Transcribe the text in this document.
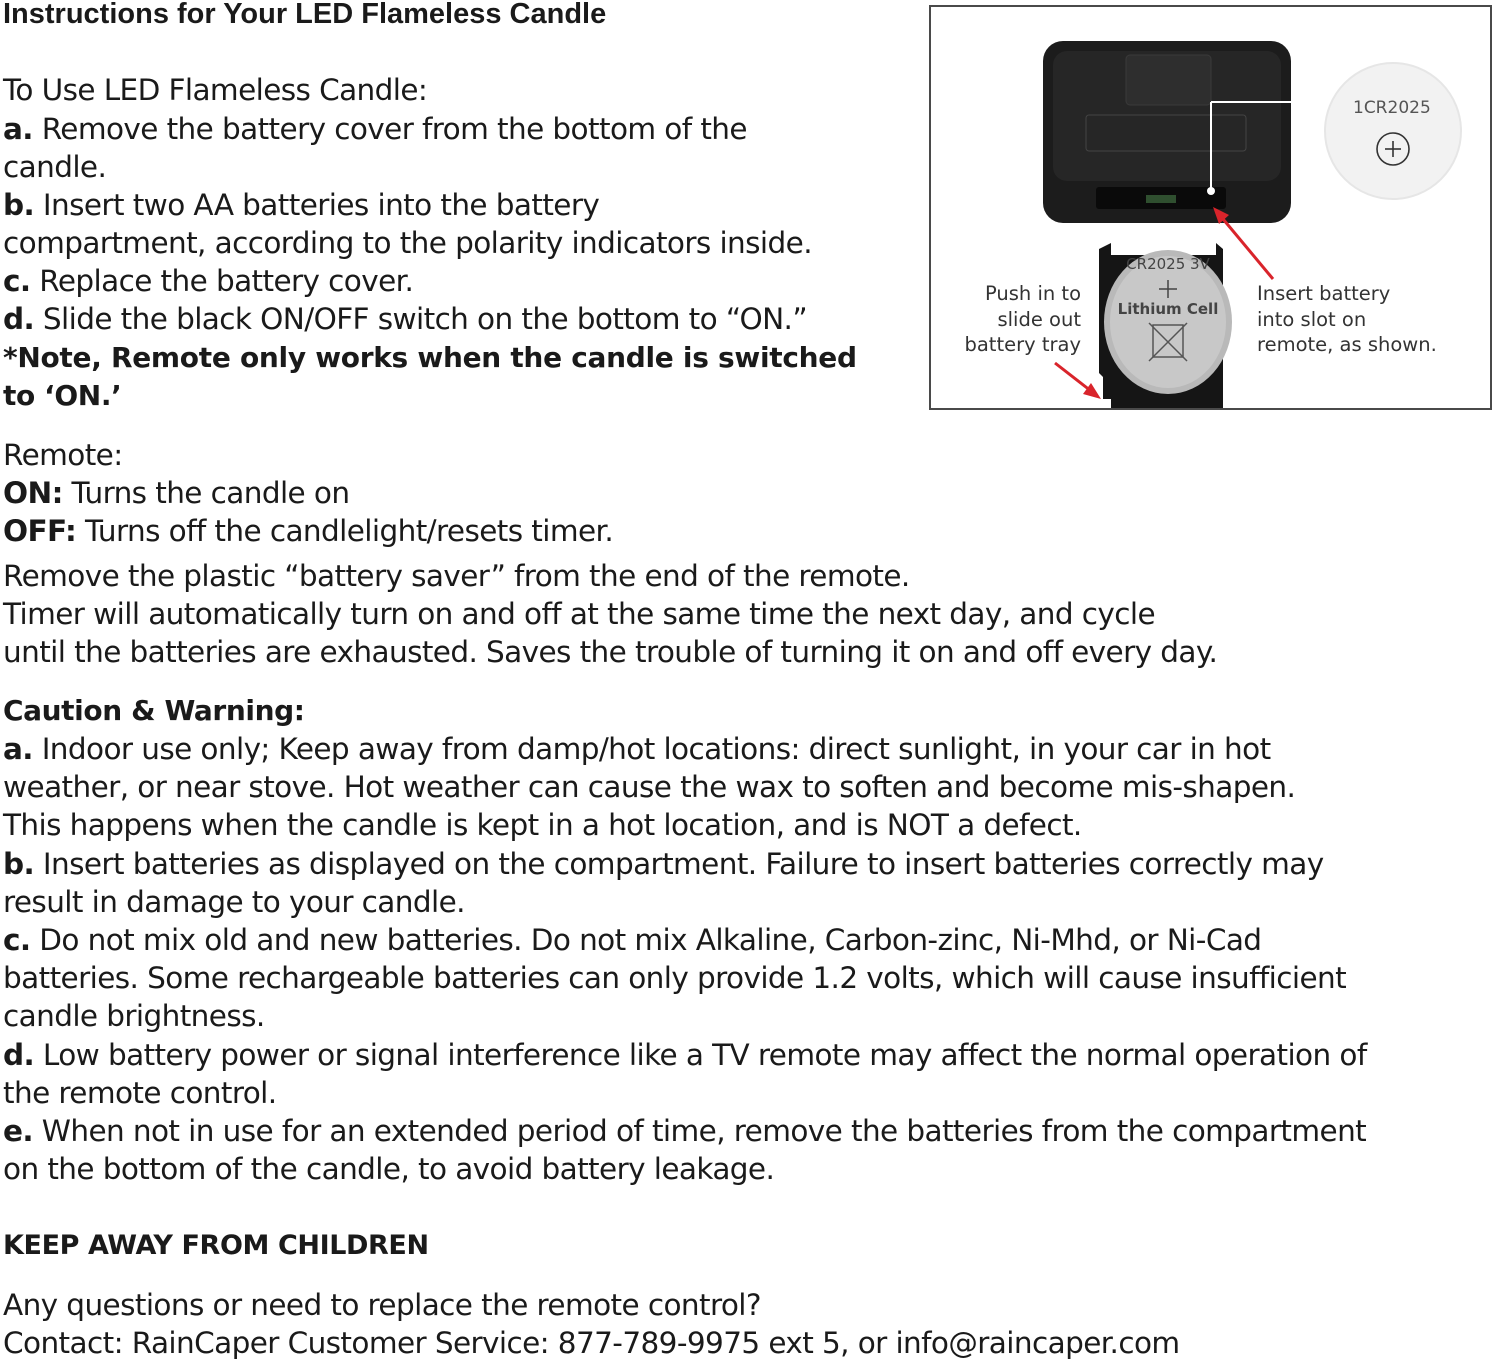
Instructions for Your LED Flameless Candle
To Use LED Flameless Candle:
a. Remove the battery cover from the bottom of the
candle.
b. Insert two AA batteries into the battery
compartment, according to the polarity indicators inside.
c. Replace the battery cover.
d. Slide the black ON/OFF switch on the bottom to “ON.”
*Note, Remote only works when the candle is switched
to ‘ON.’
CR2025 3V
Lithium Cell
1CR2025
Push in to
slide out
battery tray
Insert battery
into slot on
remote, as shown.
Remote:
ON: Turns the candle on
OFF: Turns off the candlelight/resets timer.
Remove the plastic “battery saver” from the end of the remote.
Timer will automatically turn on and off at the same time the next day, and cycle
until the batteries are exhausted. Saves the trouble of turning it on and off every day.
Caution & Warning:
a. Indoor use only; Keep away from damp/hot locations: direct sunlight, in your car in hot
weather, or near stove. Hot weather can cause the wax to soften and become mis-shapen.
This happens when the candle is kept in a hot location, and is NOT a defect.
b. Insert batteries as displayed on the compartment. Failure to insert batteries correctly may
result in damage to your candle.
c. Do not mix old and new batteries. Do not mix Alkaline, Carbon-zinc, Ni-Mhd, or Ni-Cad
batteries. Some rechargeable batteries can only provide 1.2 volts, which will cause insufficient
candle brightness.
d. Low battery power or signal interference like a TV remote may affect the normal operation of
the remote control.
e. When not in use for an extended period of time, remove the batteries from the compartment
on the bottom of the candle, to avoid battery leakage.
KEEP AWAY FROM CHILDREN
Any questions or need to replace the remote control?
Contact: RainCaper Customer Service: 877-789-9975 ext 5, or info@raincaper.com
